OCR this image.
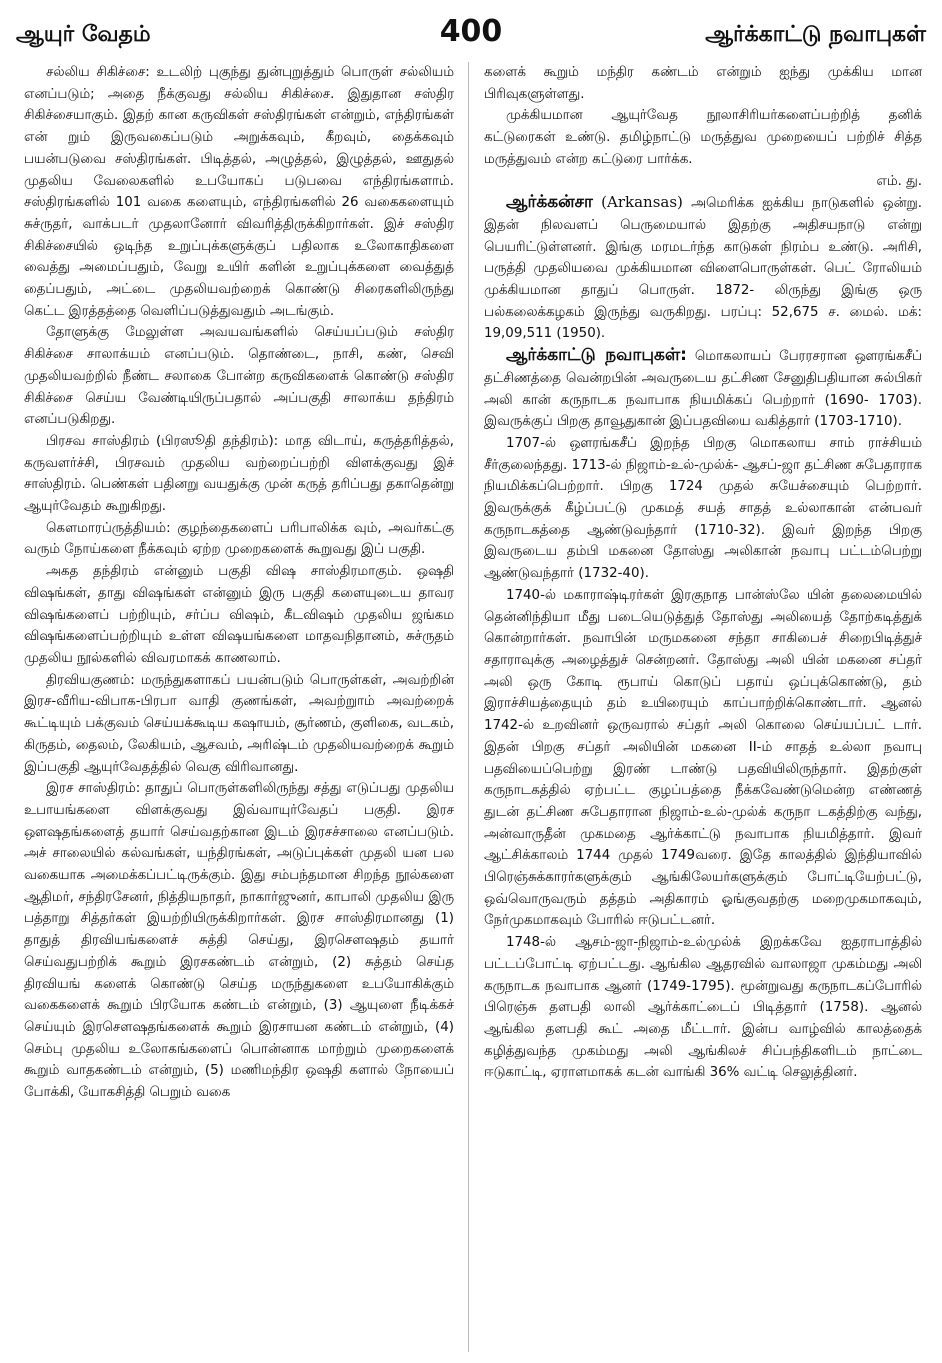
ஆயுர் வேதம்	400	ஆர்க்காட்டு நவாபுகள்

சல்லிய சிகிச்சை: உடலிற் புகுந்து துன்புறுத்தும் பொருள் சல்லியம் எனப்படும்; அதை நீக்குவது சல்லிய சிகிச்சை. இதுதான சஸ்திர சிகிச்சையாகும். இதற் கான கருவிகள் சஸ்திரங்கள் என்றும், எந்திரங்கள் என் றும் இருவகைப்படும் அறுக்கவும், கீறவும், தைக்கவும் பயன்படுவை சஸ்திரங்கள். பிடித்தல், அழுத்தல், இழுத்தல், ஊதுதல் முதலிய வேலைகளில் உபயோகப் படுபவை எந்திரங்களாம். சஸ்திரங்களில் 101 வகை களையும், எந்திரங்களில் 26 வகைகளையும் சுச்ருதர், வாக்படர் முதலானோர் விவரித்திருக்கிறார்கள். இச் சஸ்திர சிகிச்சையில் ஒடிந்த உறுப்புக்களுக்குப் பதிலாக உலோகாதிகளை வைத்து அமைப்பதும், வேறு உயிர் களின் உறுப்புக்களை வைத்துத் தைப்பதும், அட்டை முதலியவற்றைக் கொண்டு சிரைகளிலிருந்து கெட்ட இரத்தத்தை வெளிப்படுத்துவதும் அடங்கும்.

தோளுக்கு மேலுள்ள அவயவங்களில் செய்யப்படும் சஸ்திர சிகிச்சை சாலாக்யம் எனப்படும். தொண்டை, நாசி, கண், செவி முதலியவற்றில் நீண்ட சலாகை போன்ற கருவிகளைக் கொண்டு சஸ்திர சிகிச்சை செய்ய வேண்டியிருப்பதால் அப்பகுதி சாலாக்ய தந்திரம் எனப்படுகிறது.

பிரசவ சாஸ்திரம் (பிரஸூதி தந்திரம்): மாத விடாய், கருத்தரித்தல், கருவளர்ச்சி, பிரசவம் முதலிய வற்றைப்பற்றி விளக்குவது இச் சாஸ்திரம். பெண்கள் பதினறு வயதுக்கு முன் கருத் தரிப்பது தகாதென்று ஆயுர்வேதம் கூறுகிறது.

கௌமாரப்ருத்தியம்: குழந்தைகளைப் பரிபாலிக்க வும், அவர்கட்கு வரும் நோய்களை நீக்கவும் ஏற்ற முறைகளைக் கூறுவது இப் பகுதி.

அகத தந்திரம் என்னும் பகுதி விஷ சாஸ்திரமாகும். ஒஷதி விஷங்கள், தாது விஷங்கள் என்னும் இரு பகுதி களையுடைய தாவர விஷங்களைப் பற்றியும், சர்ப்ப விஷம், கீடவிஷம் முதலிய ஜங்கம விஷங்களைப்பற்றியும் உள்ள விஷயங்களை மாதவநிதானம், சுச்ருதம் முதலிய நூல்களில் விவரமாகக் காணலாம்.

திரவியகுணம்: மருந்துகளாகப் பயன்படும் பொருள்கள், அவற்றின் இரச-வீரிய-விபாக-பிரபா வாதி குணங்கள், அவற்றுாம் அவற்றைக் கூட்டியும் பக்குவம் செய்யக்கூடிய கஷாயம், சூர்ணம், குளிகை, வடகம், கிருதம், தைலம், லேகியம், ஆசவம், அரிஷ்டம் முதலியவற்றைக் கூறும் இப்பகுதி ஆயுர்வேதத்தில் வெகு விரிவானது.

இரச சாஸ்திரம்: தாதுப் பொருள்களிலிருந்து சத்து எடுப்பது முதலிய உபாயங்களை விளக்குவது இவ்வாயுர்வேதப் பகுதி. இரச ஔஷதங்களைத் தயார் செய்வதற்கான இடம் இரசச்சாலை எனப்படும். அச் சாலையில் கல்வங்கள், யந்திரங்கள், அடுப்புக்கள் முதலி யன பல வகையாக அமைக்கப்பட்டிருக்கும். இது சம்பந்தமான சிறந்த நூல்களை ஆதிமர், சந்திரசேனர், நித்தியநாதர், நாகார்ஜுனர், காபாலி முதலிய இரு பத்தாறு சித்தர்கள் இயற்றியிருக்கிறார்கள். இரச சாஸ்திரமானது (1) தாதுத் திரவியங்களைச் சுத்தி செய்து, இரசௌஷதம் தயார் செய்வதுபற்றிக் கூறும் இரசகண்டம் என்றும், (2) சுத்தம் செய்த திரவியங் களைக் கொண்டு செய்த மருந்துகளை உபயோகிக்கும் வகைகளைக் கூறும் பிரயோக கண்டம் என்றும், (3) ஆயுளை நீடிக்கச் செய்யும் இரசௌஷதங்களைக் கூறும் இரசாயன கண்டம் என்றும், (4) செம்பு முதலிய உலோகங்களைப் பொன்னாக மாற்றும் முறைகளைக் கூறும் வாதகண்டம் என்றும், (5) மணிமந்திர ஒஷதி களால் நோயைப் போக்கி, யோகசித்தி பெறும் வகை

களைக் கூறும் மந்திர கண்டம் என்றும் ஐந்து முக்கிய மான பிரிவுகளுள்ளது.

முக்கியமான ஆயுர்வேத நூலாசிரியர்களைப்பற்றித் தனிக் கட்டுரைகள் உண்டு. தமிழ்நாட்டு மருத்துவ முறையைப் பற்றிச் சித்த மருத்துவம் என்ற கட்டுரை பார்க்க.

எம். து.

ஆர்க்கன்சா (Arkansas) அமெரிக்க ஐக்கிய நாடுகளில் ஒன்று. இதன் நிலவளப் பெருமையால் இதற்கு அதிசயநாடு என்று பெயரிட்டுள்ளனர். இங்கு மரமடர்ந்த காடுகள் நிரம்ப உண்டு. அரிசி, பருத்தி முதலியவை முக்கியமான விளைபொருள்கள். பெட் ரோலியம் முக்கியமான தாதுப் பொருள். 1872- லிருந்து இங்கு ஒரு பல்கலைக்கழகம் இருந்து வருகிறது. பரப்பு: 52,675 ச. மைல். மக்: 19,09,511 (1950).

ஆர்க்காட்டு நவாபுகள்: மொகலாயப் பேரரசரான ஔரங்கசீப் தட்சிணத்தை வென்றபின் அவருடைய தட்சிண சேனுதிபதியான சுல்பிகர் அலி கான் கருநாடக நவாபாக நியமிக்கப் பெற்றார் (1690- 1703). இவருக்குப் பிறகு தாவூதுகான் இப்பதவியை வகித்தார் (1703-1710).

1707-ல் ஔரங்கசீப் இறந்த பிறகு மொகலாய சாம் ராச்சியம் சீர்குலைந்தது. 1713-ல் நிஜாம்-உல்-முல்க்- ஆசப்-ஜா தட்சிண சுபேதாராக நியமிக்கப்பெற்றார். பிறகு 1724 முதல் சுயேச்சையும் பெற்றார். இவருக்குக் கீழ்ப்பட்டு முகமத் சயத் சாதத் உல்லாகான் என்பவர் கருநாடகத்தை ஆண்டுவந்தார் (1710-32). இவர் இறந்த பிறகு இவருடைய தம்பி மகனை தோஸ்து அலிகான் நவாபு பட்டம்பெற்று ஆண்டுவந்தார் (1732-40).

1740-ல் மகாராஷ்டிரர்கள் இரகுநாத பான்ஸ்லே யின் தலைமையில் தென்னிந்தியா மீது படையெடுத்துத் தோஸ்து அலியைத் தோற்கடித்துக் கொன்றார்கள். நவாபின் மருமகனை சந்தா சாகிபைச் சிறைபிடித்துச் சதாராவுக்கு அழைத்துச் சென்றனர். தோஸ்து அலி யின் மகனை சப்தர் அலி ஒரு கோடி ரூபாய் கொடுப் பதாய் ஒப்புக்கொண்டு, தம் இராச்சியத்தையும் தம் உயிரையும் காப்பாற்றிக்கொண்டார். ஆனல் 1742-ல் உறவினர் ஒருவரால் சப்தர் அலி கொலை செய்யப்பட் டார். இதன் பிறகு சப்தர் அலியின் மகனை II-ம் சாதத் உல்லா நவாபு பதவியைப்பெற்று இரண் டாண்டு பதவியிலிருந்தார். இதற்குள் கருநாடகத்தில் ஏற்பட்ட குழப்பத்தை நீக்கவேண்டுமென்ற எண்ணத் துடன் தட்சிண சுபேதாரான நிஜாம்-உல்-முல்க் கருநா டகத்திற்கு வந்து, அன்வாருதீன் முகமதை ஆர்க்காட்டு நவாபாக நியமித்தார். இவர் ஆட்சிக்காலம் 1744 முதல் 1749வரை. இதே காலத்தில் இந்தியாவில் பிரெஞ்சுக்காரர்களுக்கும் ஆங்கிலேயர்களுக்கும் போட்டியேற்பட்டு, ஒவ்வொருவரும் தத்தம் அதிகாரம் ஓங்குவதற்கு மறைமுகமாகவும், நேர்முகமாகவும் போரில் ஈடுபட்டனர்.

1748-ல் ஆசம்-ஜா-நிஜாம்-உல்முல்க் இறக்கவே ஐதராபாத்தில் பட்டப்போட்டி ஏற்பட்டது. ஆங்கில ஆதரவில் வாலாஜா முகம்மது அலி கருநாடக நவாபாக ஆனர் (1749-1795). மூன்றுவது கருநாடகப்போரில் பிரெஞ்சு தளபதி லாலி ஆர்க்காட்டைப் பிடித்தார் (1758). ஆனல் ஆங்கில தளபதி கூட் அதை மீட்டார். இன்ப வாழ்வில் காலத்தைக் கழித்துவந்த முகம்மது அலி ஆங்கிலச் சிப்பந்திகளிடம் நாட்டை ஈடுகாட்டி, ஏராளமாகக் கடன் வாங்கி 36% வட்டி செலுத்தினர்.
